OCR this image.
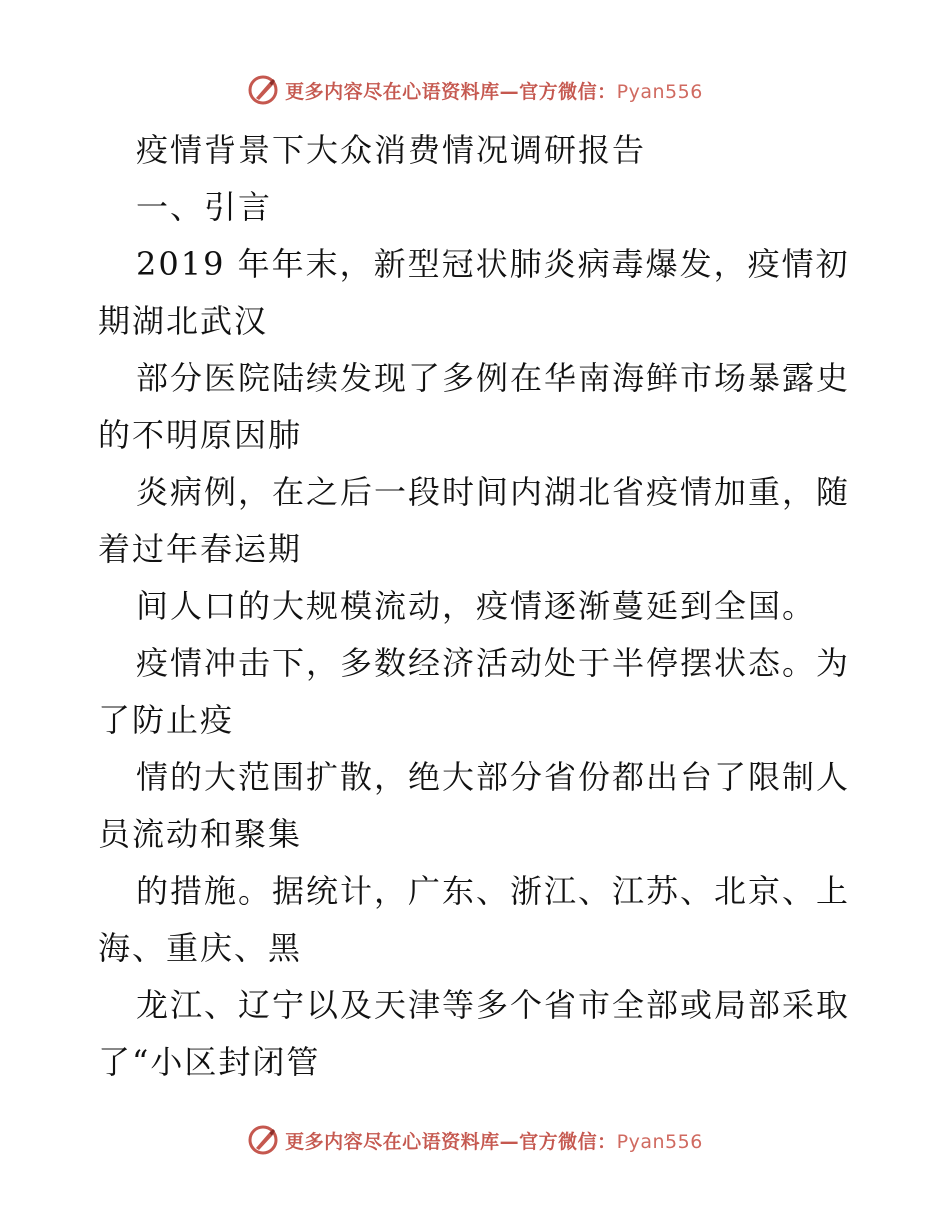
更多内容尽在心语资料库—官方微信：Pyan556
疫情背景下大众消费情况调研报告
一、引言
2019 年年末，新型冠状肺炎病毒爆发，疫情初
期湖北武汉
部分医院陆续发现了多例在华南海鲜市场暴露史
的不明原因肺
炎病例，在之后一段时间内湖北省疫情加重，随
着过年春运期
间人口的大规模流动，疫情逐渐蔓延到全国。
疫情冲击下，多数经济活动处于半停摆状态。为
了防止疫
情的大范围扩散，绝大部分省份都出台了限制人
员流动和聚集
的措施。据统计，广东、浙江、江苏、北京、上
海、重庆、黑
龙江、辽宁以及天津等多个省市全部或局部采取
了“小区封闭管
更多内容尽在心语资料库—官方微信：Pyan556
